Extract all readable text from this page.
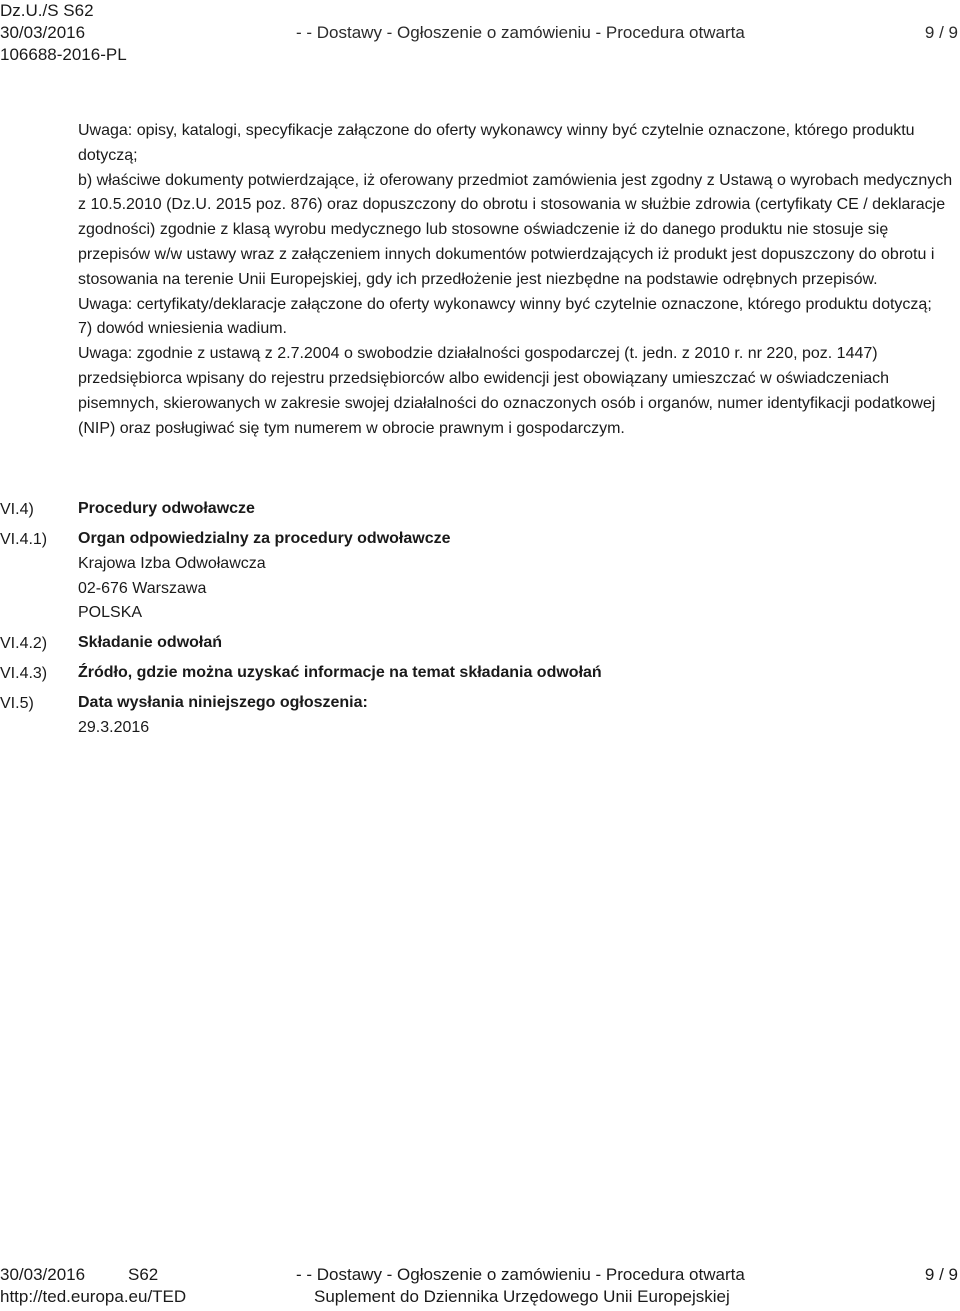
Dz.U./S S62
30/03/2016	- - Dostawy - Ogłoszenie o zamówieniu - Procedura otwarta	9 / 9
106688-2016-PL

Uwaga: opisy, katalogi, specyfikacje załączone do oferty wykonawcy winny być czytelnie oznaczone, którego produktu dotyczą;

b) właściwe dokumenty potwierdzające, iż oferowany przedmiot zamówienia jest zgodny z Ustawą o wyrobach medycznych z 10.5.2010 (Dz.U. 2015 poz. 876) oraz dopuszczony do obrotu i stosowania w służbie zdrowia (certyfikaty CE / deklaracje zgodności) zgodnie z klasą wyrobu medycznego lub stosowne oświadczenie iż do danego produktu nie stosuje się przepisów w/w ustawy wraz z załączeniem innych dokumentów potwierdzających iż produkt jest dopuszczony do obrotu i stosowania na terenie Unii Europejskiej, gdy ich przedłożenie jest niezbędne na podstawie odrębnych przepisów.

Uwaga: certyfikaty/deklaracje załączone do oferty wykonawcy winny być czytelnie oznaczone, którego produktu dotyczą;

7) dowód wniesienia wadium.

Uwaga: zgodnie z ustawą z 2.7.2004 o swobodzie działalności gospodarczej (t. jedn. z 2010 r. nr 220, poz. 1447) przedsiębiorca wpisany do rejestru przedsiębiorców albo ewidencji jest obowiązany umieszczać w oświadczeniach pisemnych, skierowanych w zakresie swojej działalności do oznaczonych osób i organów, numer identyfikacji podatkowej (NIP) oraz posługiwać się tym numerem w obrocie prawnym i gospodarczym.

VI.4)	Procedury odwoławcze
VI.4.1)	Organ odpowiedzialny za procedury odwoławcze
Krajowa Izba Odwoławcza
02-676 Warszawa
POLSKA
VI.4.2)	Składanie odwołań
VI.4.3)	Źródło, gdzie można uzyskać informacje na temat składania odwołań
VI.5)	Data wysłania niniejszego ogłoszenia:
29.3.2016
30/03/2016	S62	- - Dostawy - Ogłoszenie o zamówieniu - Procedura otwarta	9 / 9
http://ted.europa.eu/TED	Suplement do Dziennika Urzędowego Unii Europejskiej
